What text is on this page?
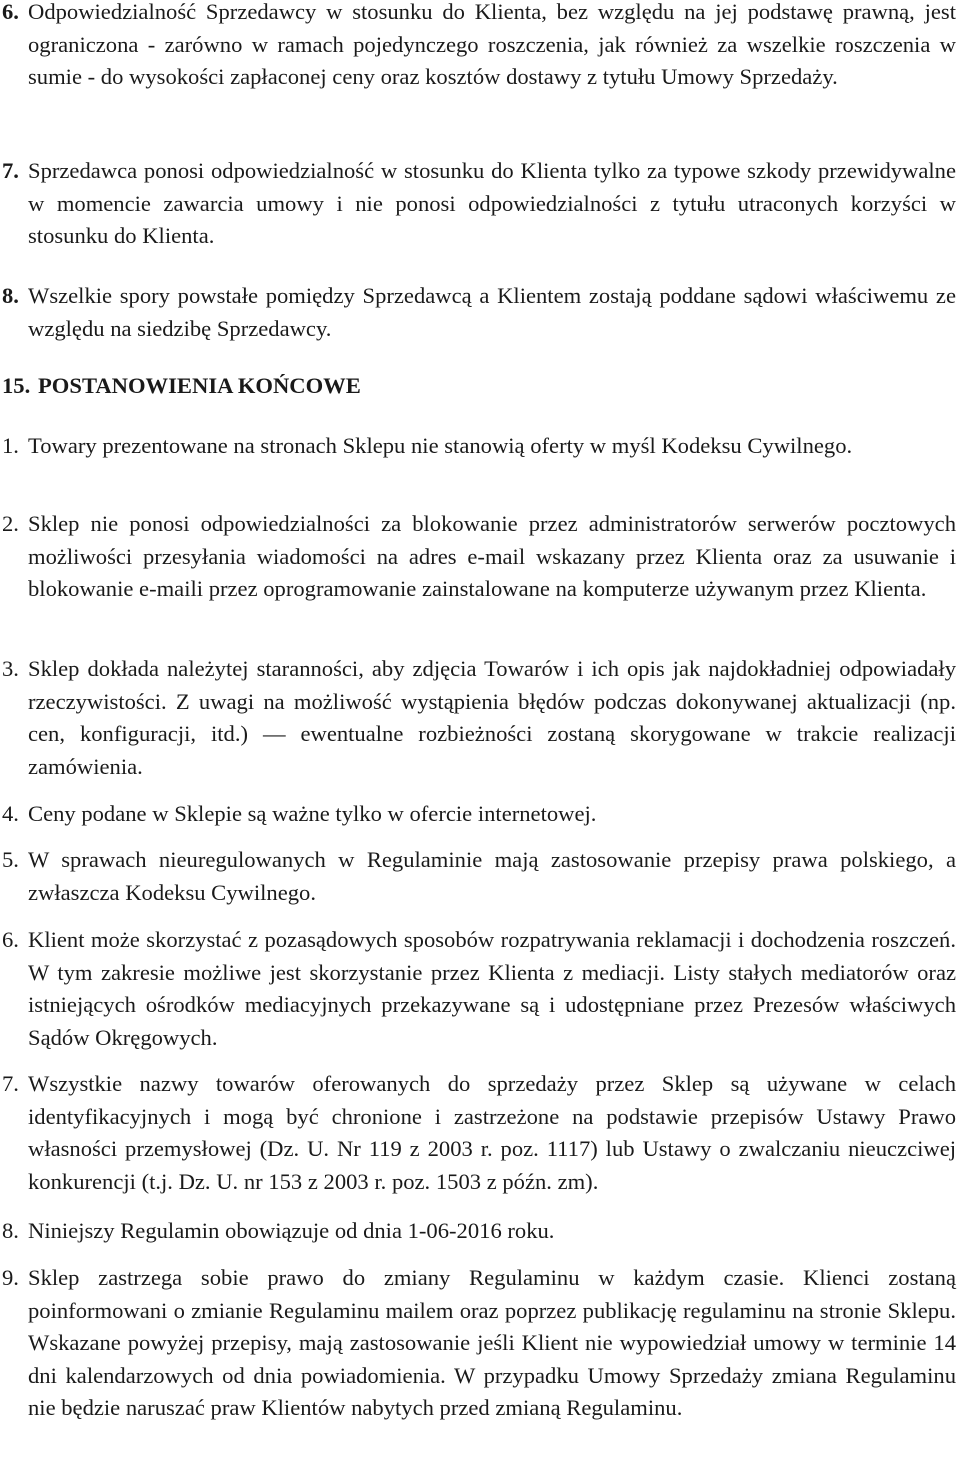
6. Odpowiedzialność Sprzedawcy w stosunku do Klienta, bez względu na jej podstawę prawną, jest ograniczona - zarówno w ramach pojedynczego roszczenia, jak również za wszelkie roszczenia w sumie - do wysokości zapłaconej ceny oraz kosztów dostawy z tytułu Umowy Sprzedaży.

7. Sprzedawca ponosi odpowiedzialność w stosunku do Klienta tylko za typowe szkody przewidywalne w momencie zawarcia umowy i nie ponosi odpowiedzialności z tytułu utraconych korzyści w stosunku do Klienta.

8. Wszelkie spory powstałe pomiędzy Sprzedawcą a Klientem zostają poddane sądowi właściwemu ze względu na siedzibę Sprzedawcy.

15. POSTANOWIENIA KOŃCOWE

1. Towary prezentowane na stronach Sklepu nie stanowią oferty w myśl Kodeksu Cywilnego.

2. Sklep nie ponosi odpowiedzialności za blokowanie przez administratorów serwerów pocztowych możliwości przesyłania wiadomości na adres e-mail wskazany przez Klienta oraz za usuwanie i blokowanie e-maili przez oprogramowanie zainstalowane na komputerze używanym przez Klienta.

3. Sklep dokłada należytej staranności, aby zdjęcia Towarów i ich opis jak najdokładniej odpowiadały rzeczywistości. Z uwagi na możliwość wystąpienia błędów podczas dokonywanej aktualizacji (np. cen, konfiguracji, itd.) — ewentualne rozbieżności zostaną skorygowane w trakcie realizacji zamówienia.

4. Ceny podane w Sklepie są ważne tylko w ofercie internetowej.

5. W sprawach nieuregulowanych w Regulaminie mają zastosowanie przepisy prawa polskiego, a zwłaszcza Kodeksu Cywilnego.

6. Klient może skorzystać z pozasądowych sposobów rozpatrywania reklamacji i dochodzenia roszczeń. W tym zakresie możliwe jest skorzystanie przez Klienta z mediacji. Listy stałych mediatorów oraz istniejących ośrodków mediacyjnych przekazywane są i udostępniane przez Prezesów właściwych Sądów Okręgowych.

7. Wszystkie nazwy towarów oferowanych do sprzedaży przez Sklep są używane w celach identyfikacyjnych i mogą być chronione i zastrzeżone na podstawie przepisów Ustawy Prawo własności przemysłowej (Dz. U. Nr 119 z 2003 r. poz. 1117) lub Ustawy o zwalczaniu nieuczciwej konkurencji (t.j. Dz. U. nr 153 z 2003 r. poz. 1503 z późn. zm).

8. Niniejszy Regulamin obowiązuje od dnia 1-06-2016 roku.

9. Sklep zastrzega sobie prawo do zmiany Regulaminu w każdym czasie. Klienci zostaną poinformowani o zmianie Regulaminu mailem oraz poprzez publikację regulaminu na stronie Sklepu. Wskazane powyżej przepisy, mają zastosowanie jeśli Klient nie wypowiedział umowy w terminie 14 dni kalendarzowych od dnia powiadomienia. W przypadku Umowy Sprzedaży zmiana Regulaminu nie będzie naruszać praw Klientów nabytych przed zmianą Regulaminu.
